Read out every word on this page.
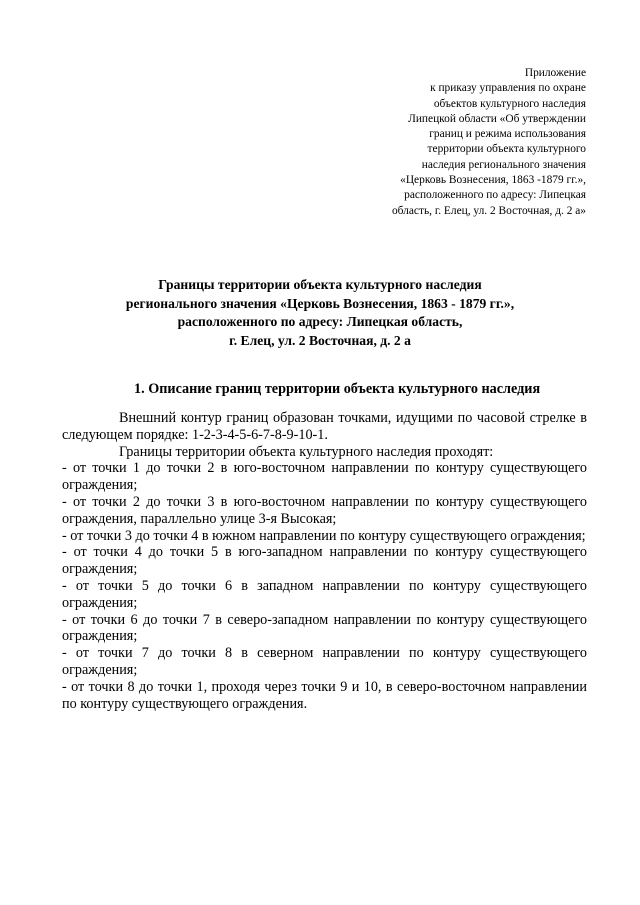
Приложение
к приказу управления по охране
объектов культурного наследия
Липецкой области «Об утверждении
границ и режима использования
территории объекта культурного
наследия регионального значения
«Церковь Вознесения, 1863 -1879 гг.»,
расположенного по адресу: Липецкая
область, г. Елец, ул. 2 Восточная, д. 2 а»
Границы территории объекта культурного наследия
регионального значения «Церковь Вознесения, 1863 - 1879 гг.»,
расположенного по адресу: Липецкая область,
г. Елец, ул. 2 Восточная, д. 2 а
1. Описание границ территории объекта культурного наследия

Внешний контур границ образован точками, идущими по часовой стрелке в следующем порядке: 1-2-3-4-5-6-7-8-9-10-1.

Границы территории объекта культурного наследия проходят:

- от точки 1 до точки 2 в юго-восточном направлении по контуру существующего ограждения;

- от точки 2 до точки 3 в юго-восточном направлении по контуру существующего ограждения, параллельно улице 3-я Высокая;

- от точки 3 до точки 4 в южном направлении по контуру существующего ограждения;

- от точки 4 до точки 5 в юго-западном направлении по контуру существующего ограждения;

- от точки 5 до точки 6 в западном направлении по контуру существующего ограждения;

- от точки 6 до точки 7 в северо-западном направлении по контуру существующего ограждения;

- от точки 7 до точки 8 в северном направлении по контуру существующего ограждения;

- от точки 8 до точки 1, проходя через точки 9 и 10, в северо-восточном направлении по контуру существующего ограждения.
